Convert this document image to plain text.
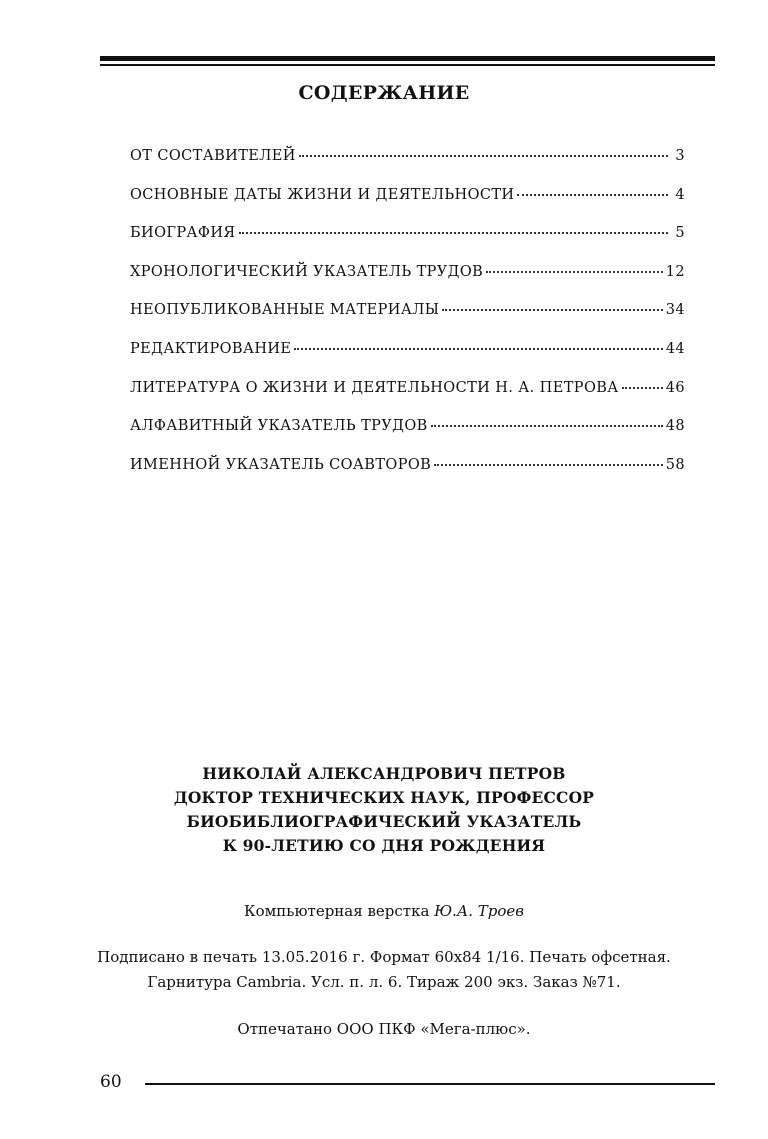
СОДЕРЖАНИЕ
ОТ СОСТАВИТЕЛЕЙ	3
ОСНОВНЫЕ ДАТЫ ЖИЗНИ И ДЕЯТЕЛЬНОСТИ	4
БИОГРАФИЯ	5
ХРОНОЛОГИЧЕСКИЙ УКАЗАТЕЛЬ ТРУДОВ	12
НЕОПУБЛИКОВАННЫЕ МАТЕРИАЛЫ	34
РЕДАКТИРОВАНИЕ	44
ЛИТЕРАТУРА О ЖИЗНИ И ДЕЯТЕЛЬНОСТИ Н. А. ПЕТРОВА	46
АЛФАВИТНЫЙ УКАЗАТЕЛЬ ТРУДОВ	48
ИМЕННОЙ УКАЗАТЕЛЬ СОАВТОРОВ	58
НИКОЛАЙ АЛЕКСАНДРОВИЧ ПЕТРОВ
ДОКТОР ТЕХНИЧЕСКИХ НАУК, ПРОФЕССОР
БИОБИБЛИОГРАФИЧЕСКИЙ УКАЗАТЕЛЬ
К 90-ЛЕТИЮ СО ДНЯ РОЖДЕНИЯ
Компьютерная верстка Ю.А. Троев
Подписано в печать 13.05.2016 г. Формат 60х84 1/16. Печать офсетная.
Гарнитура Cambria. Усл. п. л. 6. Тираж 200 экз. Заказ №71.
Отпечатано ООО ПКФ «Мега-плюс».
60
